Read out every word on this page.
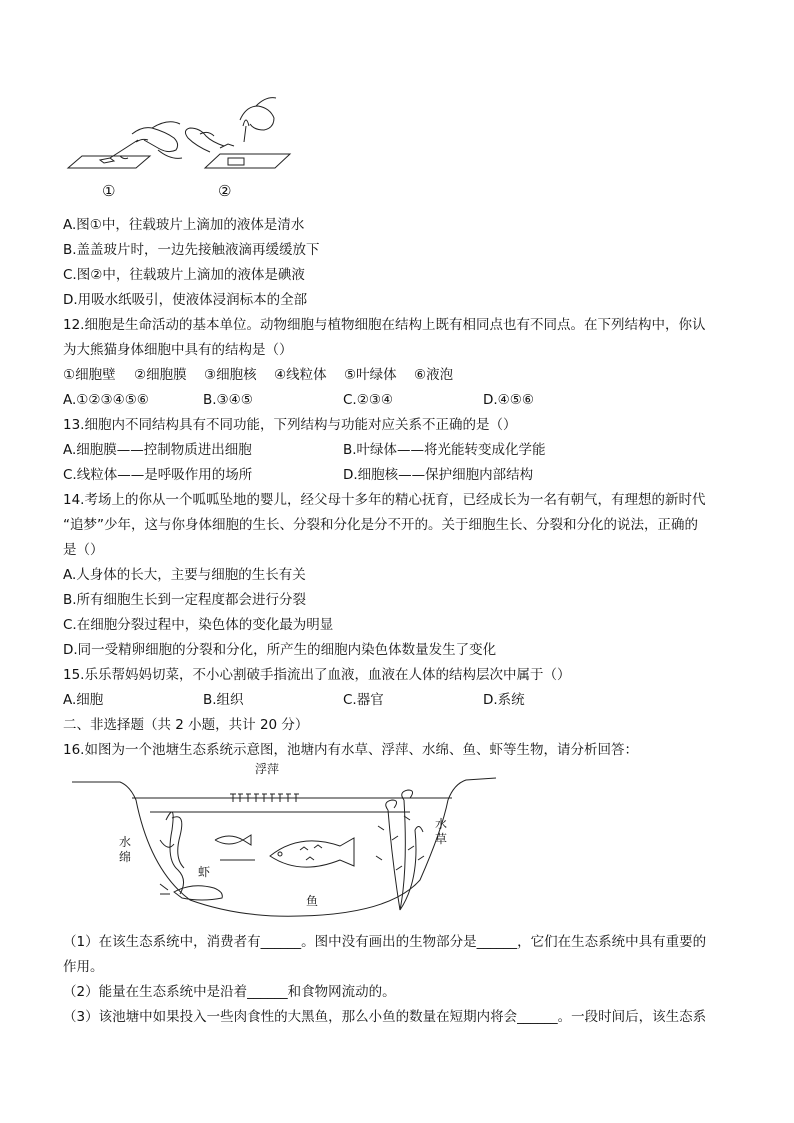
①	②
A.图①中，往载玻片上滴加的液体是清水
B.盖盖玻片时，一边先接触液滴再缓缓放下
C.图②中，往载玻片上滴加的液体是碘液
D.用吸水纸吸引，使液体浸润标本的全部
12.细胞是生命活动的基本单位。动物细胞与植物细胞在结构上既有相同点也有不同点。在下列结构中，你认
为大熊猫身体细胞中具有的结构是（）
①细胞壁 ②细胞膜 ③细胞核 ④线粒体 ⑤叶绿体 ⑥液泡
A.①②③④⑤⑥	B.③④⑤	C.②③④	D.④⑤⑥
13.细胞内不同结构具有不同功能，下列结构与功能对应关系不正确的是（）
A.细胞膜——控制物质进出细胞	B.叶绿体——将光能转变成化学能
C.线粒体——是呼吸作用的场所	D.细胞核——保护细胞内部结构
14.考场上的你从一个呱呱坠地的婴儿，经父母十多年的精心抚育，已经成长为一名有朝气，有理想的新时代
“追梦”少年，这与你身体细胞的生长、分裂和分化是分不开的。关于细胞生长、分裂和分化的说法，正确的
是（）
A.人身体的长大，主要与细胞的生长有关
B.所有细胞生长到一定程度都会进行分裂
C.在细胞分裂过程中，染色体的变化最为明显
D.同一受精卵细胞的分裂和分化，所产生的细胞内染色体数量发生了变化
15.乐乐帮妈妈切菜，不小心割破手指流出了血液，血液在人体的结构层次中属于（）
A.细胞	B.组织	C.器官	D.系统
二、非选择题（共 2 小题，共计 20 分）
16.如图为一个池塘生态系统示意图，池塘内有水草、浮萍、水绵、鱼、虾等生物，请分析回答：
浮萍
水绵
水草
虾
鱼
（1）在该生态系统中，消费者有______。图中没有画出的生物部分是______，它们在生态系统中具有重要的
作用。
（2）能量在生态系统中是沿着______和食物网流动的。
（3）该池塘中如果投入一些肉食性的大黑鱼，那么小鱼的数量在短期内将会______。一段时间后，该生态系
